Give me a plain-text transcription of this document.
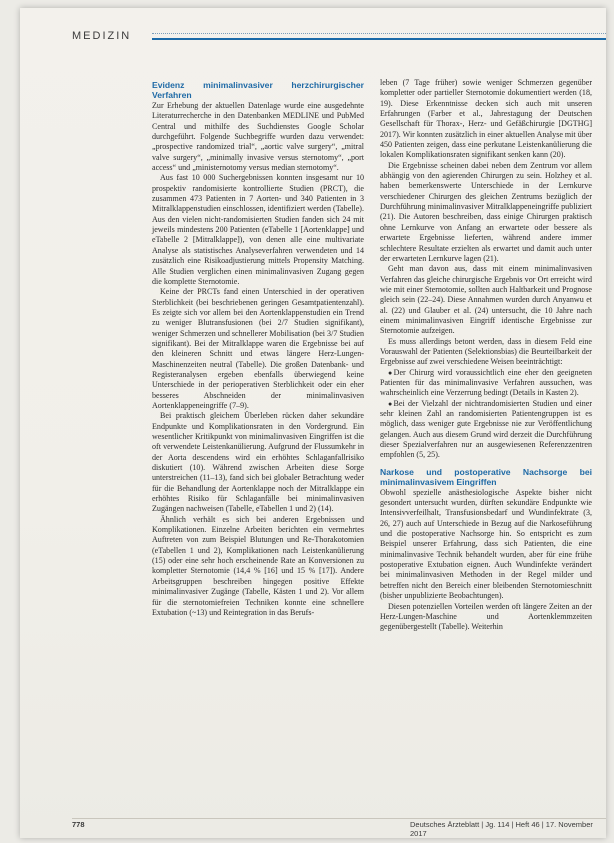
MEDIZIN
Evidenz minimalinvasiver herzchirurgischer Verfahren

Zur Erhebung der aktuellen Datenlage wurde eine ausgedehnte Literaturrecherche in den Datenbanken MEDLINE und PubMed Central und mithilfe des Suchdienstes Google Scholar durchgeführt. Folgende Suchbegriffe wurden dazu verwendet: „prospective randomized trial“, „aortic valve surgery“, „mitral valve surgery“, „minimally invasive versus sternotomy“, „port access“ und „ministernotomy versus median sternotomy“.

Aus fast 10 000 Suchergebnissen konnten insgesamt nur 10 prospektiv randomisierte kontrollierte Studien (PRCT), die zusammen 473 Patienten in 7 Aorten- und 340 Patienten in 3 Mitralklappenstudien einschlossen, identifiziert werden (Tabelle). Aus den vielen nicht-randomisierten Studien fanden sich 24 mit jeweils mindestens 200 Patienten (eTabelle 1 [Aortenklappe] und eTabelle 2 [Mitralklappe]), von denen alle eine multivariate Analyse als statistisches Analyseverfahren verwendeten und 14 zusätzlich eine Risikoadjustierung mittels Propensity Matching. Alle Studien verglichen einen minimalinvasiven Zugang gegen die komplette Sternotomie.

Keine der PRCTs fand einen Unterschied in der operativen Sterblichkeit (bei beschriebenen geringen Gesamtpatientenzahl). Es zeigte sich vor allem bei den Aortenklappenstudien ein Trend zu weniger Blutransfusionen (bei 2/7 Studien signifikant), weniger Schmerzen und schnellerer Mobilisation (bei 3/7 Studien signifikant). Bei der Mitralklappe waren die Ergebnisse bei auf den kleineren Schnitt und etwas längere Herz-Lungen-Maschinenzeiten neutral (Tabelle). Die großen Datenbank- und Registeranalysen ergeben ebenfalls überwiegend keine Unterschiede in der perioperativen Sterblichkeit oder ein eher besseres Abschneiden der minimalinvasiven Aortenklappeneingriffe (7–9).

Bei praktisch gleichem Überleben rücken daher sekundäre Endpunkte und Komplikationsraten in den Vordergrund. Ein wesentlicher Kritikpunkt von minimalinvasiven Eingriffen ist die oft verwendete Leistenkanülierung. Aufgrund der Flussumkehr in der Aorta descendens wird ein erhöhtes Schlaganfallrisiko diskutiert (10). Während zwischen Arbeiten diese Sorge unterstreichen (11–13), fand sich bei globaler Betrachtung weder für die Behandlung der Aortenklappe noch der Mitralklappe ein erhöhtes Risiko für Schlaganfälle bei minimalinvasiven Zugängen nachweisen (Tabelle, eTabellen 1 und 2) (14).

Ähnlich verhält es sich bei anderen Ergebnissen und Komplikationen. Einzelne Arbeiten berichten ein vermehrtes Auftreten von zum Beispiel Blutungen und Re-Thorakotomien (eTabellen 1 und 2), Komplikationen nach Leistenkanülierung (15) oder eine sehr hoch erscheinende Rate an Konversionen zu kompletter Sternotomie (14,4 % [16] und 15 % [17]). Andere Arbeitsgruppen beschreiben hingegen positive Effekte minimalinvasiver Zugänge (Tabelle, Kästen 1 und 2). Vor allem für die sternotomiefreien Techniken konnte eine schnellere Extubation (~13) und Reintegration in das Berufs-

leben (7 Tage früher) sowie weniger Schmerzen gegenüber kompletter oder partieller Sternotomie dokumentiert werden (18, 19). Diese Erkenntnisse decken sich auch mit unseren Erfahrungen (Farber et al., Jahrestagung der Deutschen Gesellschaft für Thorax-, Herz- und Gefäßchirurgie [DGTHG] 2017). Wir konnten zusätzlich in einer aktuellen Analyse mit über 450 Patienten zeigen, dass eine perkutane Leistenkanülierung die lokalen Komplikationsraten signifikant senken kann (20).

Die Ergebnisse scheinen dabei neben dem Zentrum vor allem abhängig von den agierenden Chirurgen zu sein. Holzhey et al. haben bemerkenswerte Unterschiede in der Lernkurve verschiedener Chirurgen des gleichen Zentrums bezüglich der Durchführung minimalinvasiver Mitralklappeneingriffe publiziert (21). Die Autoren beschreiben, dass einige Chirurgen praktisch ohne Lernkurve von Anfang an erwartete oder bessere als erwartete Ergebnisse lieferten, während andere immer schlechtere Resultate erzielten als erwartet und damit auch unter der erwarteten Lernkurve lagen (21).

Geht man davon aus, dass mit einem minimalinvasiven Verfahren das gleiche chirurgische Ergebnis vor Ort erreicht wird wie mit einer Sternotomie, sollten auch Haltbarkeit und Prognose gleich sein (22–24). Diese Annahmen wurden durch Anyanwu et al. (22) und Glauber et al. (24) untersucht, die 10 Jahre nach einem minimalinvasiven Eingriff identische Ergebnisse zur Sternotomie aufzeigen.

Es muss allerdings betont werden, dass in diesem Feld eine Vorauswahl der Patienten (Selektionsbias) die Beurteilbarkeit der Ergebnisse auf zwei verschiedene Weisen beeinträchtigt:

● Der Chirurg wird voraussichtlich eine eher den geeigneten Patienten für das minimalinvasive Verfahren aussuchen, was wahrscheinlich eine Verzerrung bedingt (Details in Kasten 2).

● Bei der Vielzahl der nichtrandomisierten Studien und einer sehr kleinen Zahl an randomisierten Patientengruppen ist es möglich, dass weniger gute Ergebnisse nie zur Veröffentlichung gelangen. Auch aus diesem Grund wird derzeit die Durchführung dieser Spezialverfahren nur an ausgewiesenen Referenzzentren empfohlen (5, 25).

Narkose und postoperative Nachsorge bei minimalinvasivem Eingriffen

Obwohl spezielle anästhesiologische Aspekte bisher nicht gesondert untersucht wurden, dürften sekundäre Endpunkte wie Intensivverfeilhalt, Transfusionsbedarf und Wundinfektrate (3, 26, 27) auch auf Unterschiede in Bezug auf die Narkoseführung und die postoperative Nachsorge hin. So entspricht es zum Beispiel unserer Erfahrung, dass sich Patienten, die eine minimalinvasive Technik behandelt wurden, aber für eine frühe postoperative Extubation eignen. Auch Wundinfekte verändert bei minimalinvasiven Methoden in der Regel milder und betreffen nicht den Bereich einer bleibenden Sternotomieschnitt (bisher unpublizierte Beobachtungen).

Diesen potenziellen Vorteilen werden oft längere Zeiten an der Herz-Lungen-Maschine und Aortenklemmzeiten gegenübergestellt (Tabelle). Weiterhin

778	Deutsches Ärzteblatt | Jg. 114 | Heft 46 | 17. November 2017
